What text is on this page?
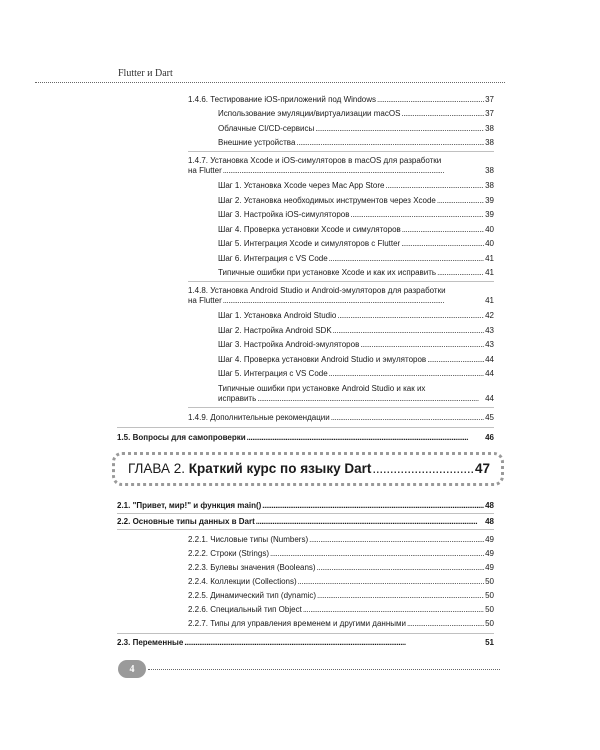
Flutter и Dart
1.4.6. Тестирование iOS-приложений под Windows . . .	37
Использование эмуляции/виртуализации macOS . . .	37
Облачные CI/CD-сервисы . . .	38
Внешние устройства . . .	38
1.4.7. Установка Xcode и iOS-симуляторов в macOS для разработки
на Flutter . . .	38
Шаг 1. Установка Xcode через Mac App Store . . .	38
Шаг 2. Установка необходимых инструментов через Xcode . . .	39
Шаг 3. Настройка iOS-симуляторов . . .	39
Шаг 4. Проверка установки Xcode и симуляторов . . .	40
Шаг 5. Интеграция Xcode и симуляторов с Flutter . . .	40
Шаг 6. Интеграция с VS Code . . .	41
Типичные ошибки при установке Xcode и как их исправить . . .	41
1.4.8. Установка Android Studio и Android-эмуляторов для разработки
на Flutter . . .	41
Шаг 1. Установка Android Studio . . .	42
Шаг 2. Настройка Android SDK . . .	43
Шаг 3. Настройка Android-эмуляторов . . .	43
Шаг 4. Проверка установки Android Studio и эмуляторов . . .	44
Шаг 5. Интеграция с VS Code . . .	44
Типичные ошибки при установке Android Studio и как их
исправить . . .	44
1.4.9. Дополнительные рекомендации . . .	45
1.5. Вопросы для самопроверки . . .	46
ГЛАВА 2. Краткий курс по языку Dart . . .	47
2.1. "Привет, мир!" и функция main() . . .	48
2.2. Основные типы данных в Dart . . .	48
2.2.1. Числовые типы (Numbers) . . .	49
2.2.2. Строки (Strings) . . .	49
2.2.3. Булевы значения (Booleans) . . .	49
2.2.4. Коллекции (Collections) . . .	50
2.2.5. Динамический тип (dynamic) . . .	50
2.2.6. Специальный тип Object . . .	50
2.2.7. Типы для управления временем и другими данными . . .	50
2.3. Переменные . . .	51
4
